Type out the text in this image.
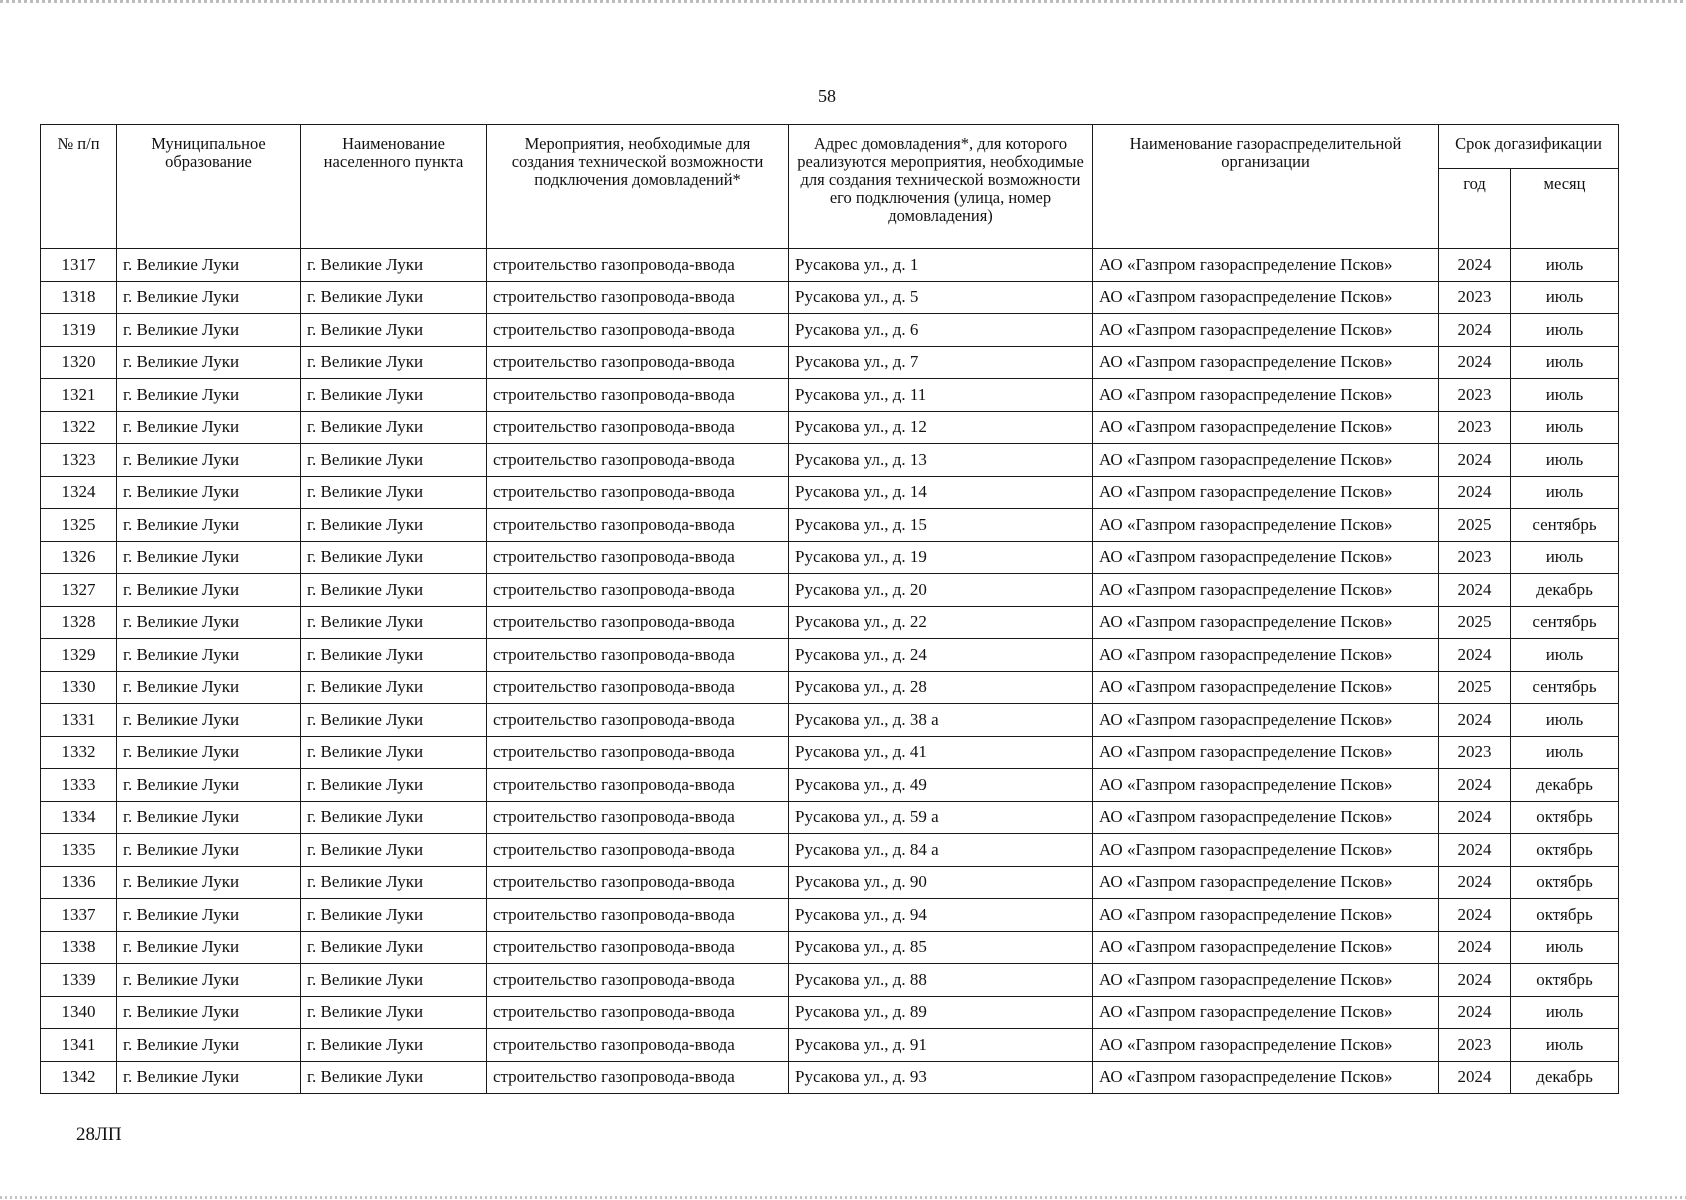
58
№ п/п	Муниципальное образование	Наименование населенного пункта	Мероприятия, необходимые для создания технической возможности подключения домовладений*	Адрес домовладения*, для которого реализуются мероприятия, необходимые для создания технической возможности его подключения (улица, номер домовладения)	Наименование газораспределительной организации	Срок догазификации	
						год	месяц
1317	г. Великие Луки	г. Великие Луки	строительство газопровода-ввода	Русакова ул., д. 1	АО «Газпром газораспределение Псков»	2024	июль
1318	г. Великие Луки	г. Великие Луки	строительство газопровода-ввода	Русакова ул., д. 5	АО «Газпром газораспределение Псков»	2023	июль
1319	г. Великие Луки	г. Великие Луки	строительство газопровода-ввода	Русакова ул., д. 6	АО «Газпром газораспределение Псков»	2024	июль
1320	г. Великие Луки	г. Великие Луки	строительство газопровода-ввода	Русакова ул., д. 7	АО «Газпром газораспределение Псков»	2024	июль
1321	г. Великие Луки	г. Великие Луки	строительство газопровода-ввода	Русакова ул., д. 11	АО «Газпром газораспределение Псков»	2023	июль
1322	г. Великие Луки	г. Великие Луки	строительство газопровода-ввода	Русакова ул., д. 12	АО «Газпром газораспределение Псков»	2023	июль
1323	г. Великие Луки	г. Великие Луки	строительство газопровода-ввода	Русакова ул., д. 13	АО «Газпром газораспределение Псков»	2024	июль
1324	г. Великие Луки	г. Великие Луки	строительство газопровода-ввода	Русакова ул., д. 14	АО «Газпром газораспределение Псков»	2024	июль
1325	г. Великие Луки	г. Великие Луки	строительство газопровода-ввода	Русакова ул., д. 15	АО «Газпром газораспределение Псков»	2025	сентябрь
1326	г. Великие Луки	г. Великие Луки	строительство газопровода-ввода	Русакова ул., д. 19	АО «Газпром газораспределение Псков»	2023	июль
1327	г. Великие Луки	г. Великие Луки	строительство газопровода-ввода	Русакова ул., д. 20	АО «Газпром газораспределение Псков»	2024	декабрь
1328	г. Великие Луки	г. Великие Луки	строительство газопровода-ввода	Русакова ул., д. 22	АО «Газпром газораспределение Псков»	2025	сентябрь
1329	г. Великие Луки	г. Великие Луки	строительство газопровода-ввода	Русакова ул., д. 24	АО «Газпром газораспределение Псков»	2024	июль
1330	г. Великие Луки	г. Великие Луки	строительство газопровода-ввода	Русакова ул., д. 28	АО «Газпром газораспределение Псков»	2025	сентябрь
1331	г. Великие Луки	г. Великие Луки	строительство газопровода-ввода	Русакова ул., д. 38 а	АО «Газпром газораспределение Псков»	2024	июль
1332	г. Великие Луки	г. Великие Луки	строительство газопровода-ввода	Русакова ул., д. 41	АО «Газпром газораспределение Псков»	2023	июль
1333	г. Великие Луки	г. Великие Луки	строительство газопровода-ввода	Русакова ул., д. 49	АО «Газпром газораспределение Псков»	2024	декабрь
1334	г. Великие Луки	г. Великие Луки	строительство газопровода-ввода	Русакова ул., д. 59 а	АО «Газпром газораспределение Псков»	2024	октябрь
1335	г. Великие Луки	г. Великие Луки	строительство газопровода-ввода	Русакова ул., д. 84 а	АО «Газпром газораспределение Псков»	2024	октябрь
1336	г. Великие Луки	г. Великие Луки	строительство газопровода-ввода	Русакова ул., д. 90	АО «Газпром газораспределение Псков»	2024	октябрь
1337	г. Великие Луки	г. Великие Луки	строительство газопровода-ввода	Русакова ул., д. 94	АО «Газпром газораспределение Псков»	2024	октябрь
1338	г. Великие Луки	г. Великие Луки	строительство газопровода-ввода	Русакова ул., д. 85	АО «Газпром газораспределение Псков»	2024	июль
1339	г. Великие Луки	г. Великие Луки	строительство газопровода-ввода	Русакова ул., д. 88	АО «Газпром газораспределение Псков»	2024	октябрь
1340	г. Великие Луки	г. Великие Луки	строительство газопровода-ввода	Русакова ул., д. 89	АО «Газпром газораспределение Псков»	2024	июль
1341	г. Великие Луки	г. Великие Луки	строительство газопровода-ввода	Русакова ул., д. 91	АО «Газпром газораспределение Псков»	2023	июль
1342	г. Великие Луки	г. Великие Луки	строительство газопровода-ввода	Русакова ул., д. 93	АО «Газпром газораспределение Псков»	2024	декабрь
28ЛП
